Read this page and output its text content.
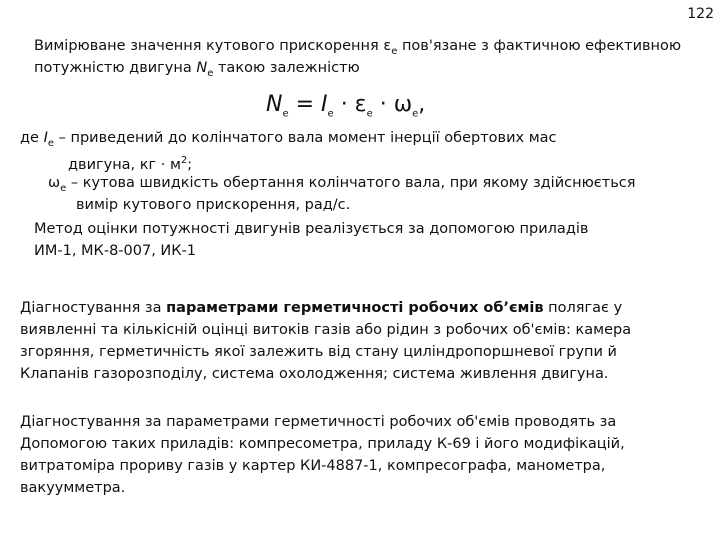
122
Вимірюване значення кутового прискорення $\varepsilon_е$ пов'язане з фактичною ефективною
потужністю двигуна $N_е$ такою залежністю
$N_е = I_е \cdot \varepsilon_е \cdot \omega_е$,
де $I_е$ – приведений до колінчатого вала момент інерції обертових мас
двигуна, кг · $м^2$;
$\omega_е$ – кутова швидкість обертання колінчатого вала, при якому здійснюється
вимір кутового прискорення, рад/с.
Метод оцінки потужності двигунів реалізується за допомогою приладів
ИМ-1, МК-8-007, ИК-1
Діагностування за параметрами герметичності робочих об’ємів полягає у
виявленні та кількісній оцінці витоків газів або рідин з робочих об'ємів: камера
згоряння, герметичність якої залежить від стану циліндропоршневої групи й
Клапанів газорозподілу, система охолодження; система живлення двигуна.
Діагностування за параметрами герметичності робочих об'ємів проводять за
Допомогою таких приладів: компресометра, приладу К-69 і його модифікацій,
витратоміра прориву газів у картер КИ-4887-1, компресографа, манометра,
вакуумметра.
